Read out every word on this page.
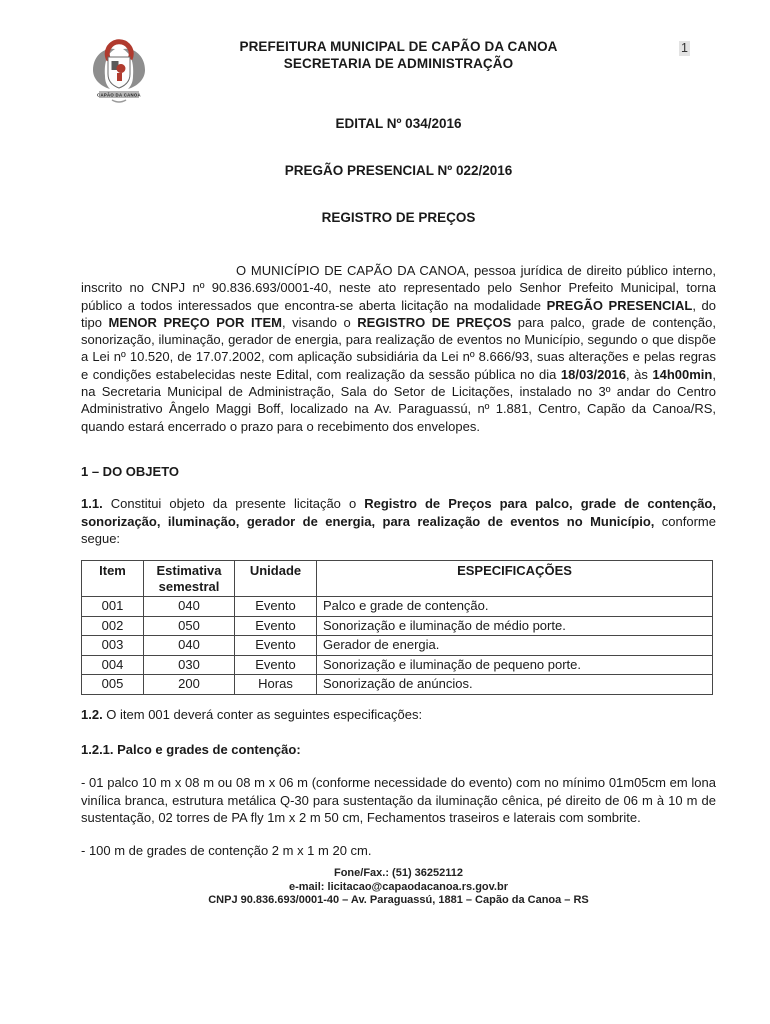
CAPÃO DA CANOA
PREFEITURA MUNICIPAL DE CAPÃO DA CANOA
SECRETARIA DE ADMINISTRAÇÃO
1
EDITAL Nº 034/2016
PREGÃO PRESENCIAL Nº 022/2016
REGISTRO DE PREÇOS

O MUNICÍPIO DE CAPÃO DA CANOA, pessoa jurídica de direito público interno, inscrito no CNPJ nº 90.836.693/0001-40, neste ato representado pelo Senhor Prefeito Municipal, torna público a todos interessados que encontra-se aberta licitação na modalidade PREGÃO PRESENCIAL, do tipo MENOR PREÇO POR ITEM, visando o REGISTRO DE PREÇOS para palco, grade de contenção, sonorização, iluminação, gerador de energia, para realização de eventos no Município, segundo o que dispõe a Lei nº 10.520, de 17.07.2002, com aplicação subsidiária da Lei nº 8.666/93, suas alterações e pelas regras e condições estabelecidas neste Edital, com realização da sessão pública no dia 18/03/2016, às 14h00min, na Secretaria Municipal de Administração, Sala do Setor de Licitações, instalado no 3º andar do Centro Administrativo Ângelo Maggi Boff, localizado na Av. Paraguassú, nº 1.881, Centro, Capão da Canoa/RS, quando estará encerrado o prazo para o recebimento dos envelopes.

1 – DO OBJETO

1.1. Constitui objeto da presente licitação o Registro de Preços para palco, grade de contenção, sonorização, iluminação, gerador de energia, para realização de eventos no Município, conforme segue:

Item	Estimativa semestral	Unidade	ESPECIFICAÇÕES
001	040	Evento	Palco e grade de contenção.
002	050	Evento	Sonorização e iluminação de médio porte.
003	040	Evento	Gerador de energia.
004	030	Evento	Sonorização e iluminação de pequeno porte.
005	200	Horas	Sonorização de anúncios.

1.2. O item 001 deverá conter as seguintes especificações:

1.2.1. Palco e grades de contenção:

- 01 palco 10 m x 08 m ou 08 m x 06 m (conforme necessidade do evento) com no mínimo 01m05cm em lona vinílica branca, estrutura metálica Q-30 para sustentação da iluminação cênica, pé direito de 06 m à 10 m de sustentação, 02 torres de PA fly 1m x 2 m 50 cm, Fechamentos traseiros e laterais com sombrite.

- 100 m de grades de contenção 2 m x 1 m 20 cm.

Fone/Fax.: (51) 36252112
e-mail: licitacao@capaodacanoa.rs.gov.br
CNPJ 90.836.693/0001-40 – Av. Paraguassú, 1881 – Capão da Canoa – RS
